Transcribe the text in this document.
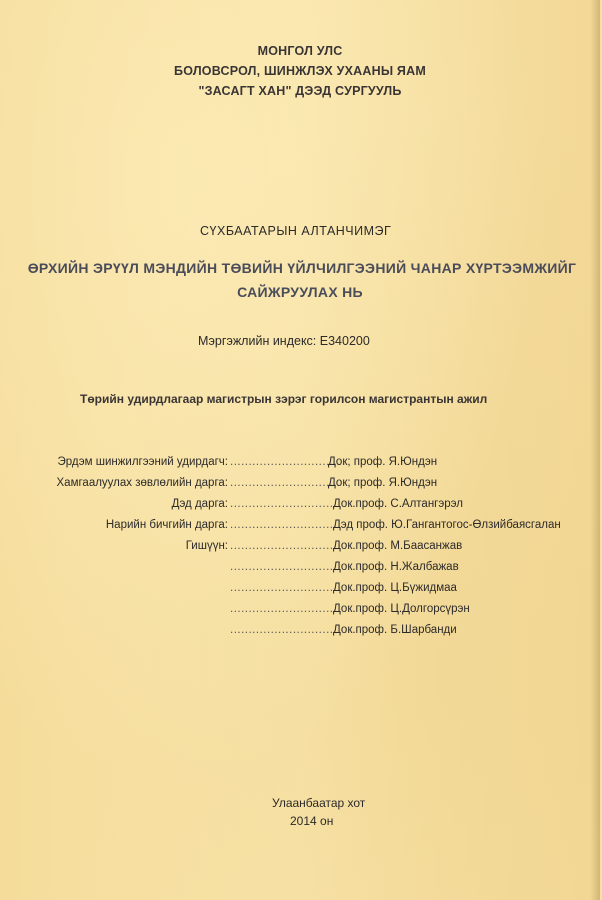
МОНГОЛ УЛС
БОЛОВСРОЛ, ШИНЖЛЭХ УХААНЫ ЯАМ
"ЗАСАГТ ХАН" ДЭЭД СУРГУУЛЬ
СҮХБААТАРЫН АЛТАНЧИМЭГ
ӨРХИЙН ЭРҮҮЛ МЭНДИЙН ТӨВИЙН ҮЙЛЧИЛГЭЭНИЙ ЧАНАР ХҮРТЭЭМЖИЙГ
САЙЖРУУЛАХ НЬ
Мэргэжлийн индекс: Е340200
Төрийн удирдлагаар магистрын зэрэг горилсон магистрантын ажил
Эрдэм шинжилгээний удирдагч: ..............................
Док; проф. Я.Юндэн
Хамгаалуулах зөвлөлийн дарга: ..............................
Док; проф. Я.Юндэн
Дэд дарга: ............................ Док.проф. С.Алтангэрэл
Нарийн бичгийн дарга: ............................ Дэд проф. Ю.Гангантогос-Өлзийбаясгалан
Гишүүн: ............................ Док.проф. М.Баасанжав
............................ Док.проф. Н.Жалбажав
............................ Док.проф. Ц.Бүжидмаа
............................ Док.проф. Ц.Долгорсүрэн
............................ Док.проф. Б.Шарбанди
Улаанбаатар хот
2014 он
